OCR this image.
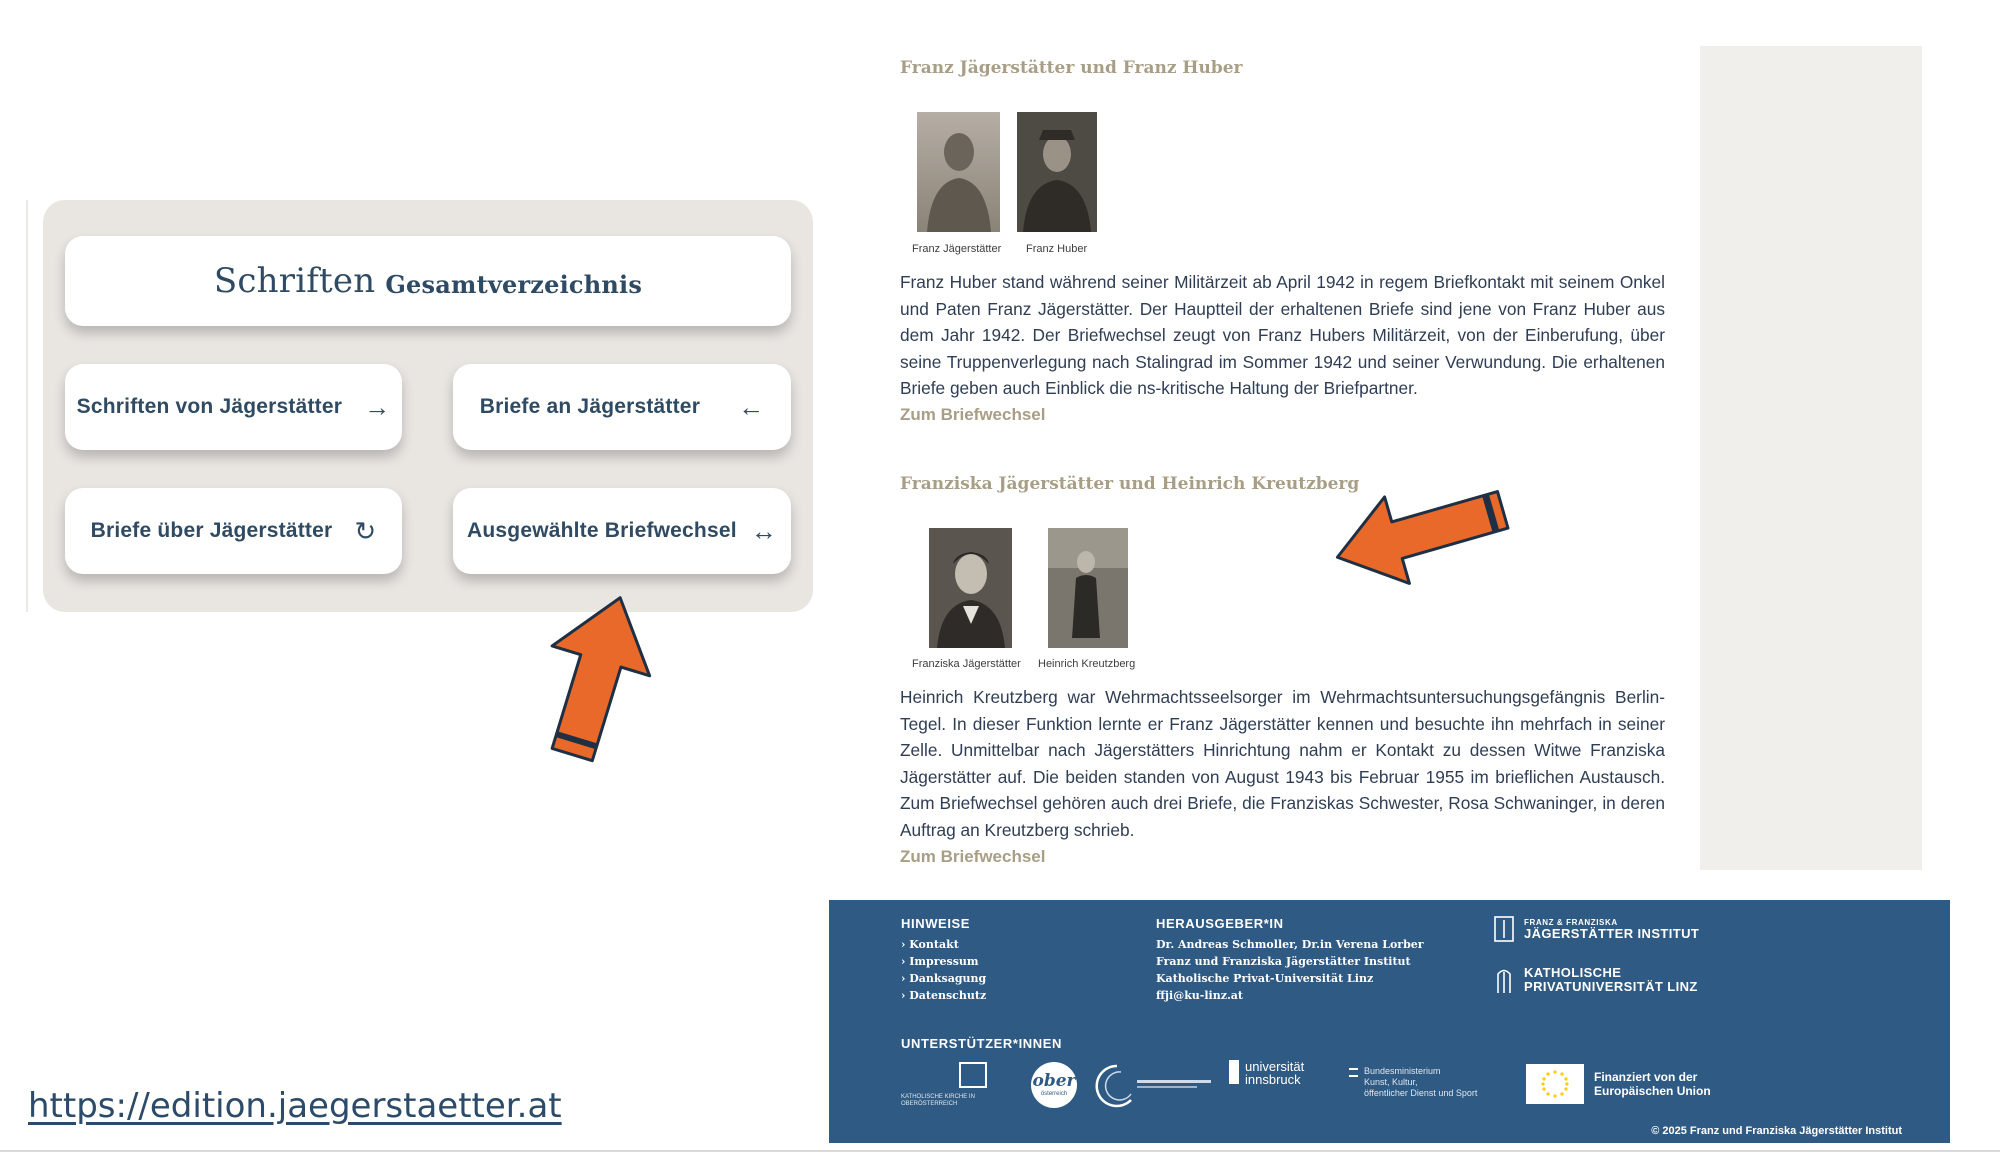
Schriften Gesamtverzeichnis
Schriften von Jägerstätter →	Briefe an Jägerstätter ←
Briefe über Jägerstätter ↻	Ausgewählte Briefwechsel ↔
https://edition.jaegerstaetter.at
Franz Jägerstätter und Franz Huber
Franz Jägerstätter Franz Huber
Franz Huber stand während seiner Militärzeit ab April 1942 in regem Briefkontakt mit seinem Onkel und Paten Franz Jägerstätter. Der Hauptteil der erhaltenen Briefe sind jene von Franz Huber aus dem Jahr 1942. Der Briefwechsel zeugt von Franz Hubers Militärzeit, von der Einberufung, über seine Truppenverlegung nach Stalingrad im Sommer 1942 und seiner Verwundung. Die erhaltenen Briefe geben auch Einblick die ns-kritische Haltung der Briefpartner.
Zum Briefwechsel
Franziska Jägerstätter und Heinrich Kreutzberg
Franziska Jägerstätter Heinrich Kreutzberg
Heinrich Kreutzberg war Wehrmachtsseelsorger im Wehrmachtsuntersuchungsgefängnis Berlin-Tegel. In dieser Funktion lernte er Franz Jägerstätter kennen und besuchte ihn mehrfach in seiner Zelle. Unmittelbar nach Jägerstätters Hinrichtung nahm er Kontakt zu dessen Witwe Franziska Jägerstätter auf. Die beiden standen von August 1943 bis Februar 1955 im brieflichen Austausch. Zum Briefwechsel gehören auch drei Briefe, die Franziskas Schwester, Rosa Schwaninger, in deren Auftrag an Kreutzberg schrieb.
Zum Briefwechsel
HINWEISE
› Kontakt
› Impressum
› Danksagung
› Datenschutz
HERAUSGEBER*IN
Dr. Andreas Schmoller, Dr.in Verena Lorber
Franz und Franziska Jägerstätter Institut
Katholische Privat-Universität Linz
ffji@ku-linz.at
FRANZ & FRANZISKA
JÄGERSTÄTTER INSTITUT
KATHOLISCHE
PRIVATUNIVERSITÄT LINZ
UNTERSTÜTZER*INNEN
KATHOLISCHE KIRCHE IN OBERÖSTERREICH
ober
österreich
universität
innsbruck
Bundesministerium
Kunst, Kultur,
öffentlicher Dienst und Sport
Finanziert von der
Europäischen Union
© 2025 Franz und Franziska Jägerstätter Institut
